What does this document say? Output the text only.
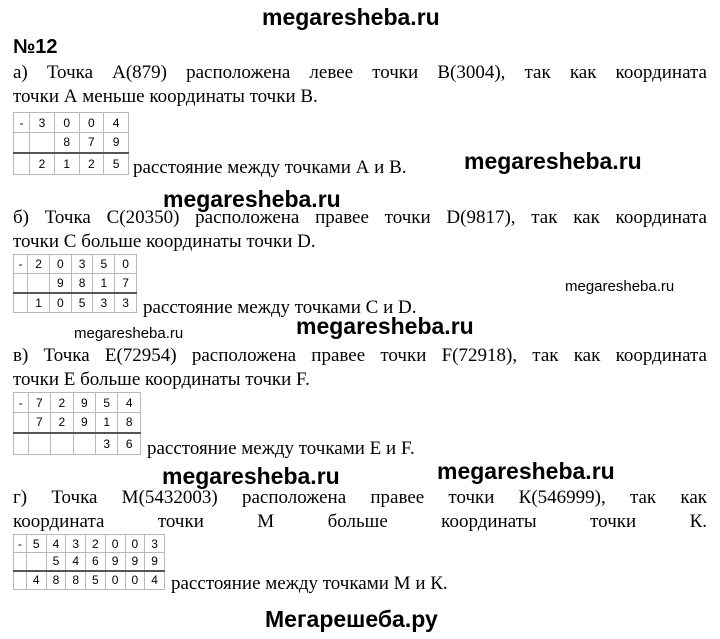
megaresheba.ru
megaresheba.ru
megaresheba.ru
megaresheba.ru
megaresheba.ru	megaresheba.ru
megaresheba.ru	megaresheba.ru
№12
а) Точка А(879) расположена левее точки В(3004), так как координата
точки А меньше координаты точки В.
-	3	0	0	4
		8	7	9
	2	1	2	5 расстояние между точками А и В.
б) Точка С(20350) расположена правее точки D(9817), так как координата
точки С больше координаты точки D.
-	2	0	3	5	0
		9	8	1	7
	1	0	5	3	3 расстояние между точками С и D.
в) Точка Е(72954) расположена правее точки F(72918), так как координата
точки Е больше координаты точки F.
-	7	2	9	5	4
	7	2	9	1	8
				3	6 расстояние между точками Е и F.
г) Точка М(5432003) расположена правее точки К(546999), так как
координата точки М больше координаты точки К.
-	5	4	3	2	0	0	3
		5	4	6	9	9	9
	4	8	8	5	0	0	4 расстояние между точками М и К.
Мегарешеба.ру
